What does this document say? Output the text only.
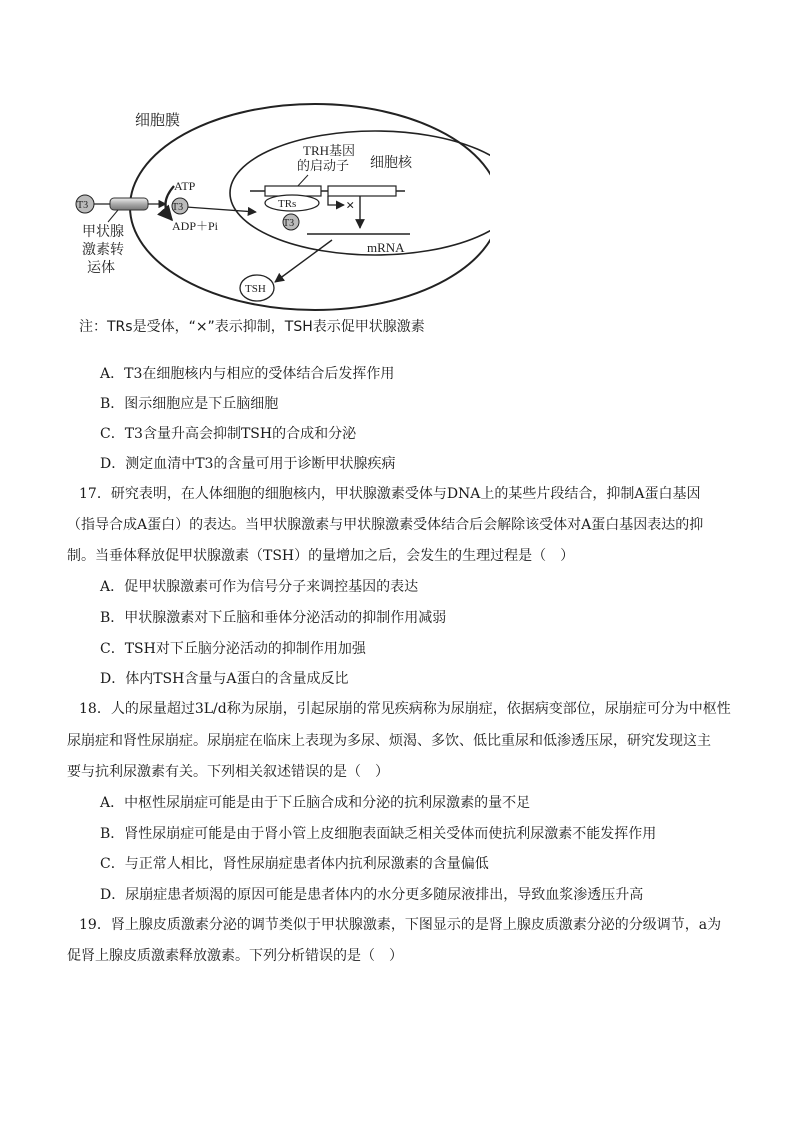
细胞膜
细胞核
TRH基因
的启动子
TRs	×
mRNA
T3
TSH
T3
ATP
ADP＋Pi
T3
甲状腺
激素转
运体
注：TRs是受体，“×”表示抑制，TSH表示促甲状腺激素
A．T3在细胞核内与相应的受体结合后发挥作用
B．图示细胞应是下丘脑细胞
C．T3含量升高会抑制TSH的合成和分泌
D．测定血清中T3的含量可用于诊断甲状腺疾病
17．研究表明，在人体细胞的细胞核内，甲状腺激素受体与DNA上的某些片段结合，抑制A蛋白基因
（指导合成A蛋白）的表达。当甲状腺激素与甲状腺激素受体结合后会解除该受体对A蛋白基因表达的抑
制。当垂体释放促甲状腺激素（TSH）的量增加之后，会发生的生理过程是（　）
A．促甲状腺激素可作为信号分子来调控基因的表达
B．甲状腺激素对下丘脑和垂体分泌活动的抑制作用减弱
C．TSH对下丘脑分泌活动的抑制作用加强
D．体内TSH含量与A蛋白的含量成反比
18．人的尿量超过3L/d称为尿崩，引起尿崩的常见疾病称为尿崩症，依据病变部位，尿崩症可分为中枢性
尿崩症和肾性尿崩症。尿崩症在临床上表现为多尿、烦渴、多饮、低比重尿和低渗透压尿，研究发现这主
要与抗利尿激素有关。下列相关叙述错误的是（　）
A．中枢性尿崩症可能是由于下丘脑合成和分泌的抗利尿激素的量不足
B．肾性尿崩症可能是由于肾小管上皮细胞表面缺乏相关受体而使抗利尿激素不能发挥作用
C．与正常人相比，肾性尿崩症患者体内抗利尿激素的含量偏低
D．尿崩症患者烦渴的原因可能是患者体内的水分更多随尿液排出，导致血浆渗透压升高
19．肾上腺皮质激素分泌的调节类似于甲状腺激素，下图显示的是肾上腺皮质激素分泌的分级调节，a为
促肾上腺皮质激素释放激素。下列分析错误的是（　）
